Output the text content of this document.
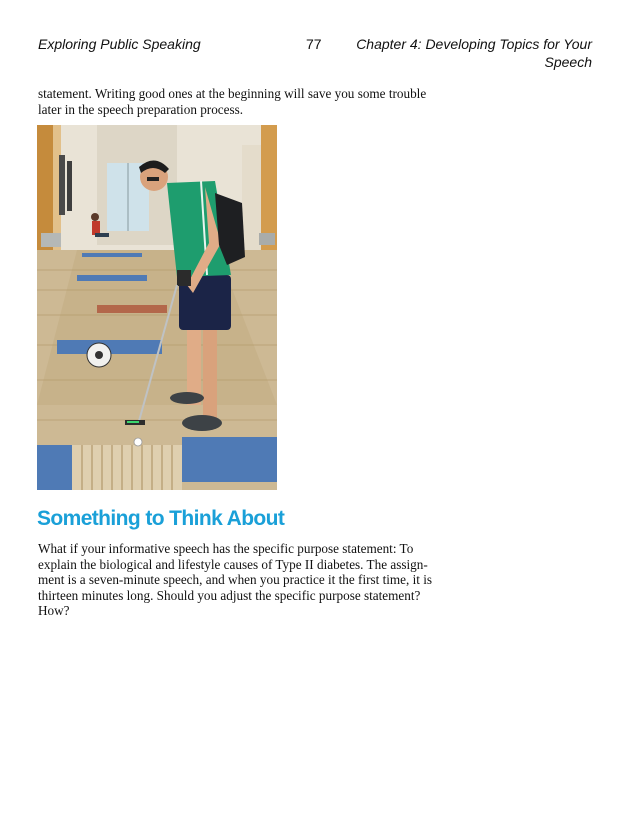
Exploring Public Speaking	77 Chapter 4: Developing Topics for Your
Speech

statement. Writing good ones at the beginning will save you some trouble later in the speech preparation process.

Something to Think About

What if your informative speech has the specific purpose statement: To explain the biological and lifestyle causes of Type II diabetes. The assignment is a seven-minute speech, and when you practice it the first time, it is thirteen minutes long. Should you adjust the specific purpose statement? How?
